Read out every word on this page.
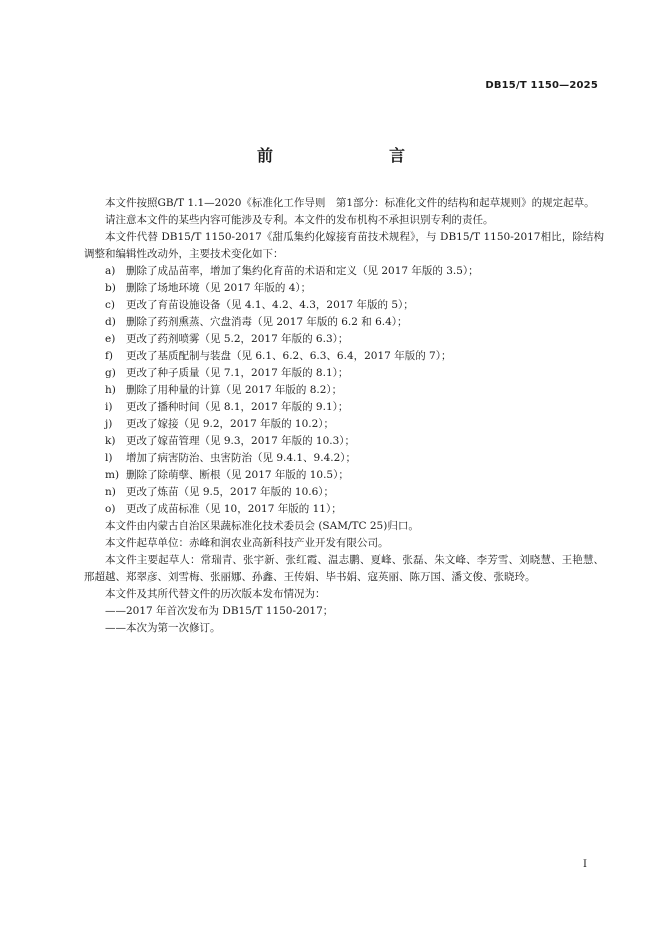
DB15/T 1150—2025
前　　言

本文件按照GB/T 1.1—2020《标准化工作导则　第1部分：标准化文件的结构和起草规则》的规定起草。

请注意本文件的某些内容可能涉及专利。本文件的发布机构不承担识别专利的责任。

本文件代替 DB15/T 1150-2017《甜瓜集约化嫁接育苗技术规程》，与 DB15/T 1150-2017相比，除结构调整和编辑性改动外，主要技术变化如下：

a) 删除了成品苗率，增加了集约化育苗的术语和定义（见 2017 年版的 3.5）；
b) 删除了场地环境（见 2017 年版的 4）；
c) 更改了育苗设施设备（见 4.1、4.2、4.3，2017 年版的 5）；
d) 删除了药剂熏蒸、穴盘消毒（见 2017 年版的 6.2 和 6.4）；
e) 更改了药剂喷雾（见 5.2，2017 年版的 6.3）；
f) 更改了基质配制与装盘（见 6.1、6.2、6.3、6.4，2017 年版的 7）；
g) 更改了种子质量（见 7.1，2017 年版的 8.1）；
h) 删除了用种量的计算（见 2017 年版的 8.2）；
i) 更改了播种时间（见 8.1，2017 年版的 9.1）；
j) 更改了嫁接（见 9.2，2017 年版的 10.2）；
k) 更改了嫁苗管理（见 9.3，2017 年版的 10.3）；
l) 增加了病害防治、虫害防治（见 9.4.1、9.4.2）；
m) 删除了除萌孽、断根（见 2017 年版的 10.5）；
n) 更改了炼苗（见 9.5，2017 年版的 10.6）；
o) 更改了成苗标准（见 10，2017 年版的 11）；

本文件由内蒙古自治区果蔬标准化技术委员会 (SAM/TC 25)归口。

本文件起草单位：赤峰和润农业高新科技产业开发有限公司。

本文件主要起草人：常瑞青、张宇新、张红霞、温志鹏、夏峰、张磊、朱文峰、李芳雪、刘晓慧、王艳慧、邢超越、郑翠彦、刘雪梅、张丽娜、孙鑫、王传娟、毕书娟、寇英丽、陈万国、潘文俊、张晓玲。

本文件及其所代替文件的历次版本发布情况为：

——2017 年首次发布为 DB15/T 1150-2017；
——本次为第一次修订。
I
